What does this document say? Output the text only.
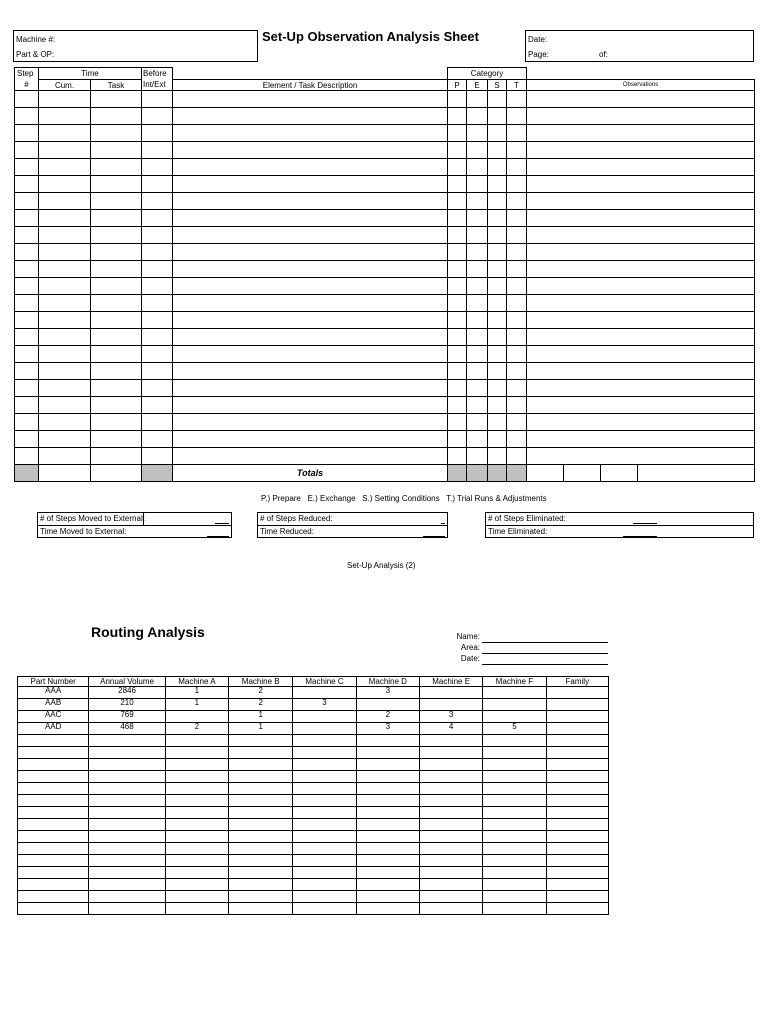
Machine #:
Part & OP:
Set-Up Observation Analysis Sheet	Date:
Page:	of:
Step	Time		Before		Category				
#	Cum.	Task	Int/Ext	Element / Task Description	P	E	S	T	Observations

				Totals					
P.) Prepare   E.) Exchange   S.) Setting Conditions   T.) Trial Runs & Adjustments
# of Steps Moved to External:
Time Moved to External:
# of Steps Reduced:
Time Reduced:
# of Steps Eliminated:
Time Eliminated:
Set-Up Analysis (2)
Routing Analysis	Name:
Area:
Date:
Part Number	Annual Volume	Machine A	Machine B	Machine C	Machine D	Machine E	Machine F	Family
AAA	2846	1	2		3			
AAB	210	1	2	3				
AAC	769		1		2	3		
AAD	468	2	1		3	4	5	
